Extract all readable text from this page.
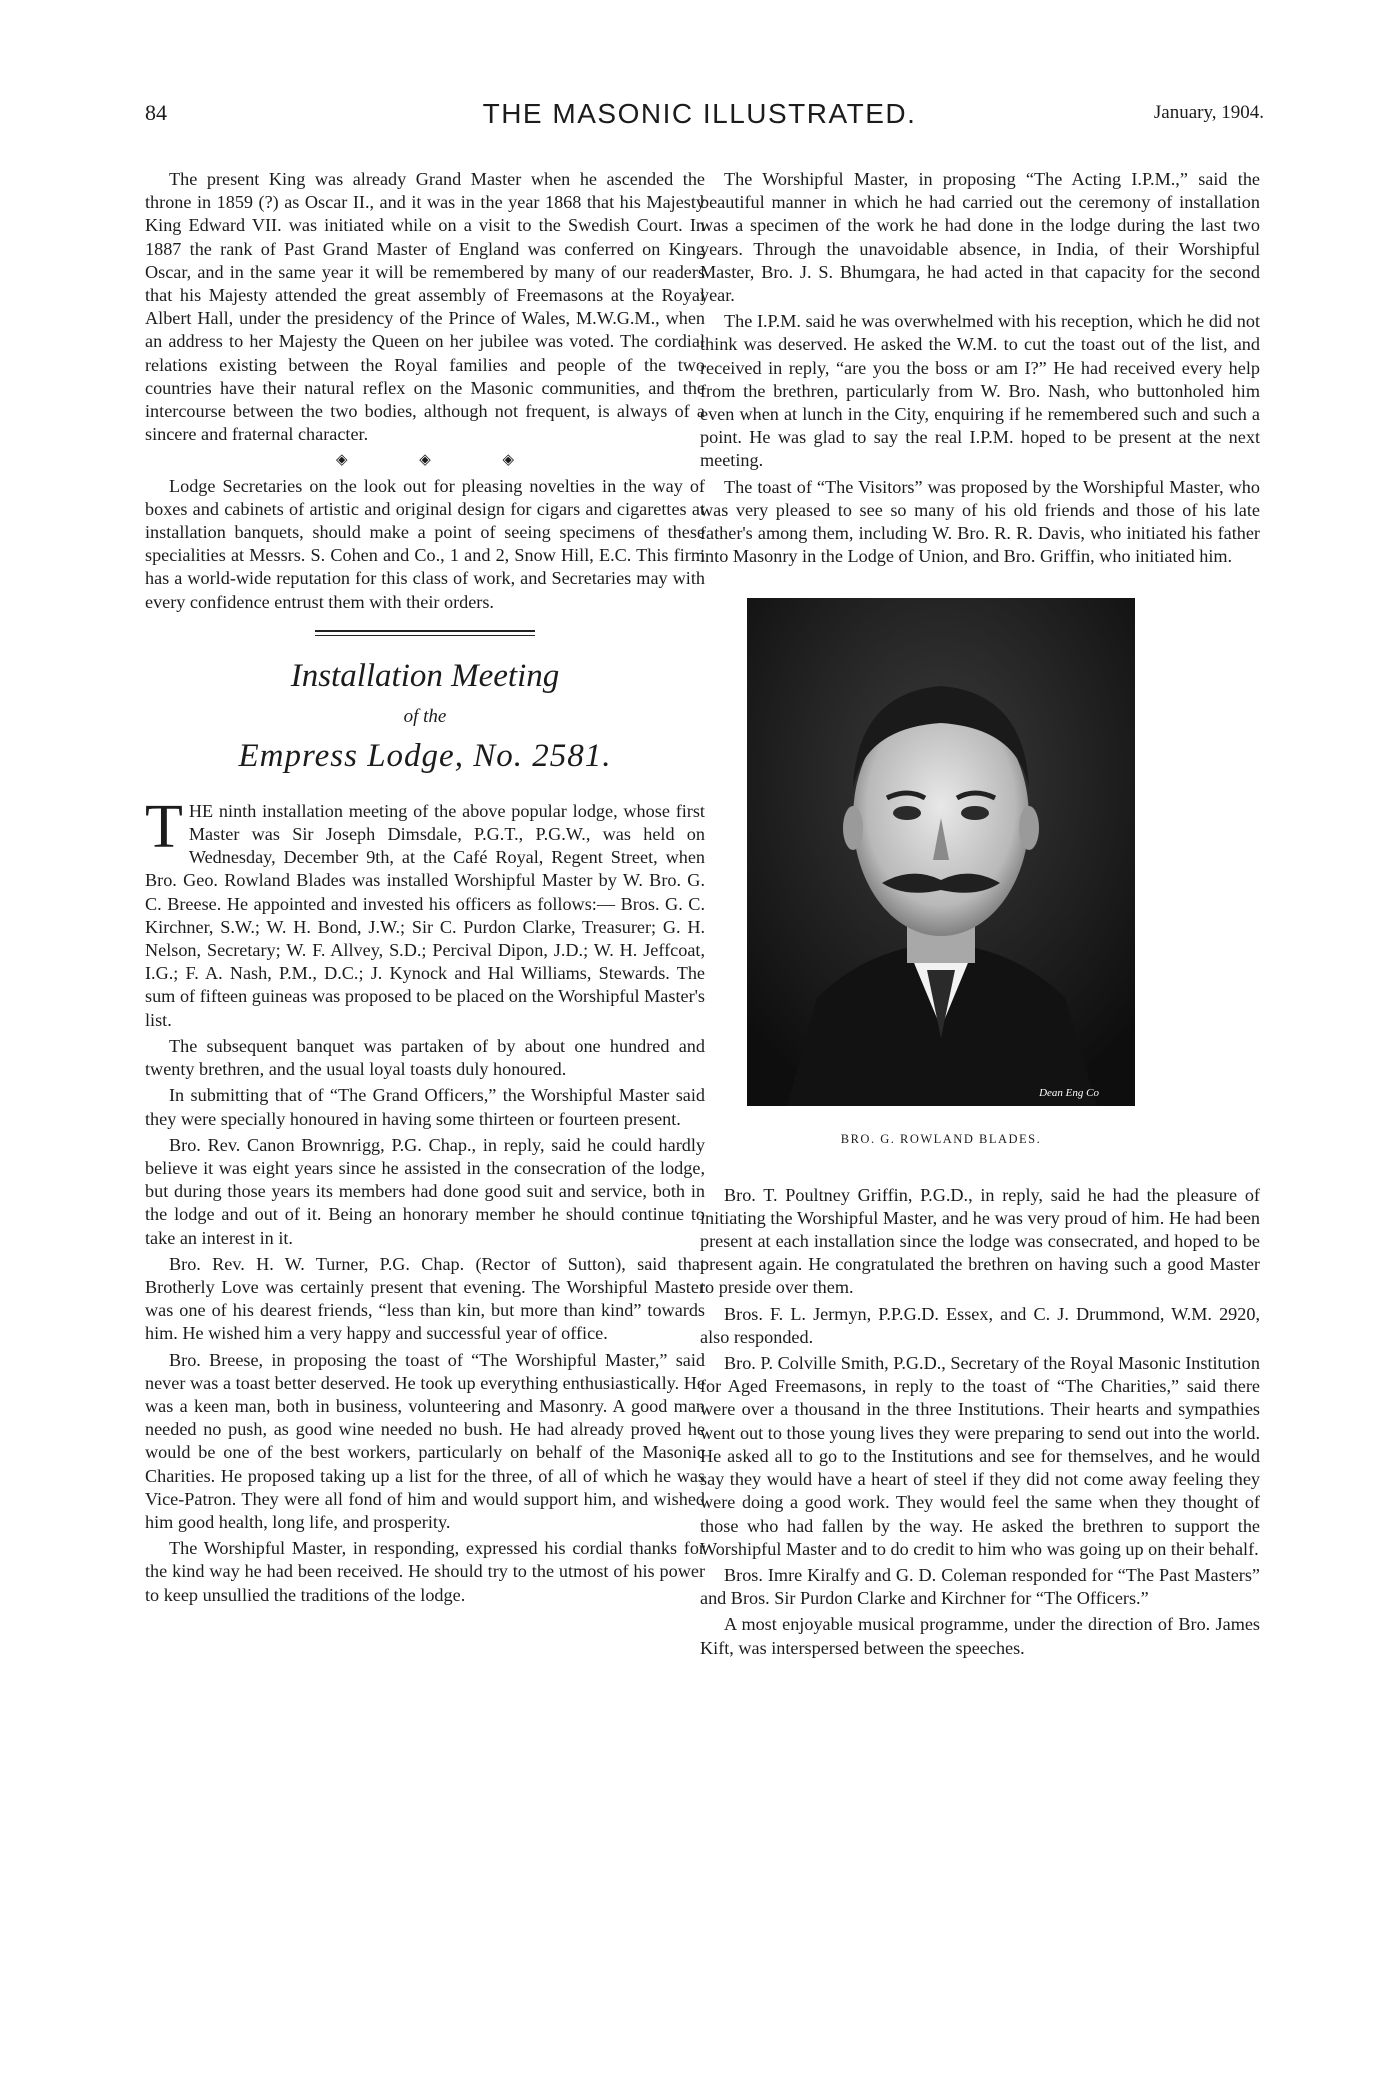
84	THE MASONIC ILLUSTRATED.	January, 1904.

The present King was already Grand Master when he ascended the throne in 1859 (?) as Oscar II., and it was in the year 1868 that his Majesty King Edward VII. was initiated while on a visit to the Swedish Court. In 1887 the rank of Past Grand Master of England was conferred on King Oscar, and in the same year it will be remembered by many of our readers that his Majesty attended the great assembly of Freemasons at the Royal Albert Hall, under the presidency of the Prince of Wales, M.W.G.M., when an address to her Majesty the Queen on her jubilee was voted. The cordial relations existing between the Royal families and people of the two countries have their natural reflex on the Masonic communities, and the intercourse between the two bodies, although not frequent, is always of a sincere and fraternal character.

◈ ◈ ◈

Lodge Secretaries on the look out for pleasing novelties in the way of boxes and cabinets of artistic and original design for cigars and cigarettes at installation banquets, should make a point of seeing specimens of these specialities at Messrs. S. Cohen and Co., 1 and 2, Snow Hill, E.C. This firm has a world-wide reputation for this class of work, and Secretaries may with every confidence entrust them with their orders.

Installation Meeting
of the
Empress Lodge, No. 2581.

THE ninth installation meeting of the above popular lodge, whose first Master was Sir Joseph Dimsdale, P.G.T., P.G.W., was held on Wednesday, December 9th, at the Café Royal, Regent Street, when Bro. Geo. Rowland Blades was installed Worshipful Master by W. Bro. G. C. Breese. He appointed and invested his officers as follows:— Bros. G. C. Kirchner, S.W.; W. H. Bond, J.W.; Sir C. Purdon Clarke, Treasurer; G. H. Nelson, Secretary; W. F. Allvey, S.D.; Percival Dipon, J.D.; W. H. Jeffcoat, I.G.; F. A. Nash, P.M., D.C.; J. Kynock and Hal Williams, Stewards. The sum of fifteen guineas was proposed to be placed on the Worshipful Master's list.

The subsequent banquet was partaken of by about one hundred and twenty brethren, and the usual loyal toasts duly honoured.

In submitting that of “The Grand Officers,” the Worshipful Master said they were specially honoured in having some thirteen or fourteen present.

Bro. Rev. Canon Brownrigg, P.G. Chap., in reply, said he could hardly believe it was eight years since he assisted in the consecration of the lodge, but during those years its members had done good suit and service, both in the lodge and out of it. Being an honorary member he should continue to take an interest in it.

Bro. Rev. H. W. Turner, P.G. Chap. (Rector of Sutton), said that Brotherly Love was certainly present that evening. The Worshipful Master was one of his dearest friends, “less than kin, but more than kind” towards him. He wished him a very happy and successful year of office.

Bro. Breese, in proposing the toast of “The Worshipful Master,” said never was a toast better deserved. He took up everything enthusiastically. He was a keen man, both in business, volunteering and Masonry. A good man needed no push, as good wine needed no bush. He had already proved he would be one of the best workers, particularly on behalf of the Masonic Charities. He proposed taking up a list for the three, of all of which he was Vice-Patron. They were all fond of him and would support him, and wished him good health, long life, and prosperity.

The Worshipful Master, in responding, expressed his cordial thanks for the kind way he had been received. He should try to the utmost of his power to keep unsullied the traditions of the lodge.

The Worshipful Master, in proposing “The Acting I.P.M.,” said the beautiful manner in which he had carried out the ceremony of installation was a specimen of the work he had done in the lodge during the last two years. Through the unavoidable absence, in India, of their Worshipful Master, Bro. J. S. Bhumgara, he had acted in that capacity for the second year.

The I.P.M. said he was overwhelmed with his reception, which he did not think was deserved. He asked the W.M. to cut the toast out of the list, and received in reply, “are you the boss or am I?” He had received every help from the brethren, particularly from W. Bro. Nash, who buttonholed him even when at lunch in the City, enquiring if he remembered such and such a point. He was glad to say the real I.P.M. hoped to be present at the next meeting.

The toast of “The Visitors” was proposed by the Worshipful Master, who was very pleased to see so many of his old friends and those of his late father's among them, including W. Bro. R. R. Davis, who initiated his father into Masonry in the Lodge of Union, and Bro. Griffin, who initiated him.

Dean Eng Co
BRO. G. ROWLAND BLADES.

Bro. T. Poultney Griffin, P.G.D., in reply, said he had the pleasure of initiating the Worshipful Master, and he was very proud of him. He had been present at each installation since the lodge was consecrated, and hoped to be present again. He congratulated the brethren on having such a good Master to preside over them.

Bros. F. L. Jermyn, P.P.G.D. Essex, and C. J. Drummond, W.M. 2920, also responded.

Bro. P. Colville Smith, P.G.D., Secretary of the Royal Masonic Institution for Aged Freemasons, in reply to the toast of “The Charities,” said there were over a thousand in the three Institutions. Their hearts and sympathies went out to those young lives they were preparing to send out into the world. He asked all to go to the Institutions and see for themselves, and he would say they would have a heart of steel if they did not come away feeling they were doing a good work. They would feel the same when they thought of those who had fallen by the way. He asked the brethren to support the Worshipful Master and to do credit to him who was going up on their behalf.

Bros. Imre Kiralfy and G. D. Coleman responded for “The Past Masters” and Bros. Sir Purdon Clarke and Kirchner for “The Officers.”

A most enjoyable musical programme, under the direction of Bro. James Kift, was interspersed between the speeches.
